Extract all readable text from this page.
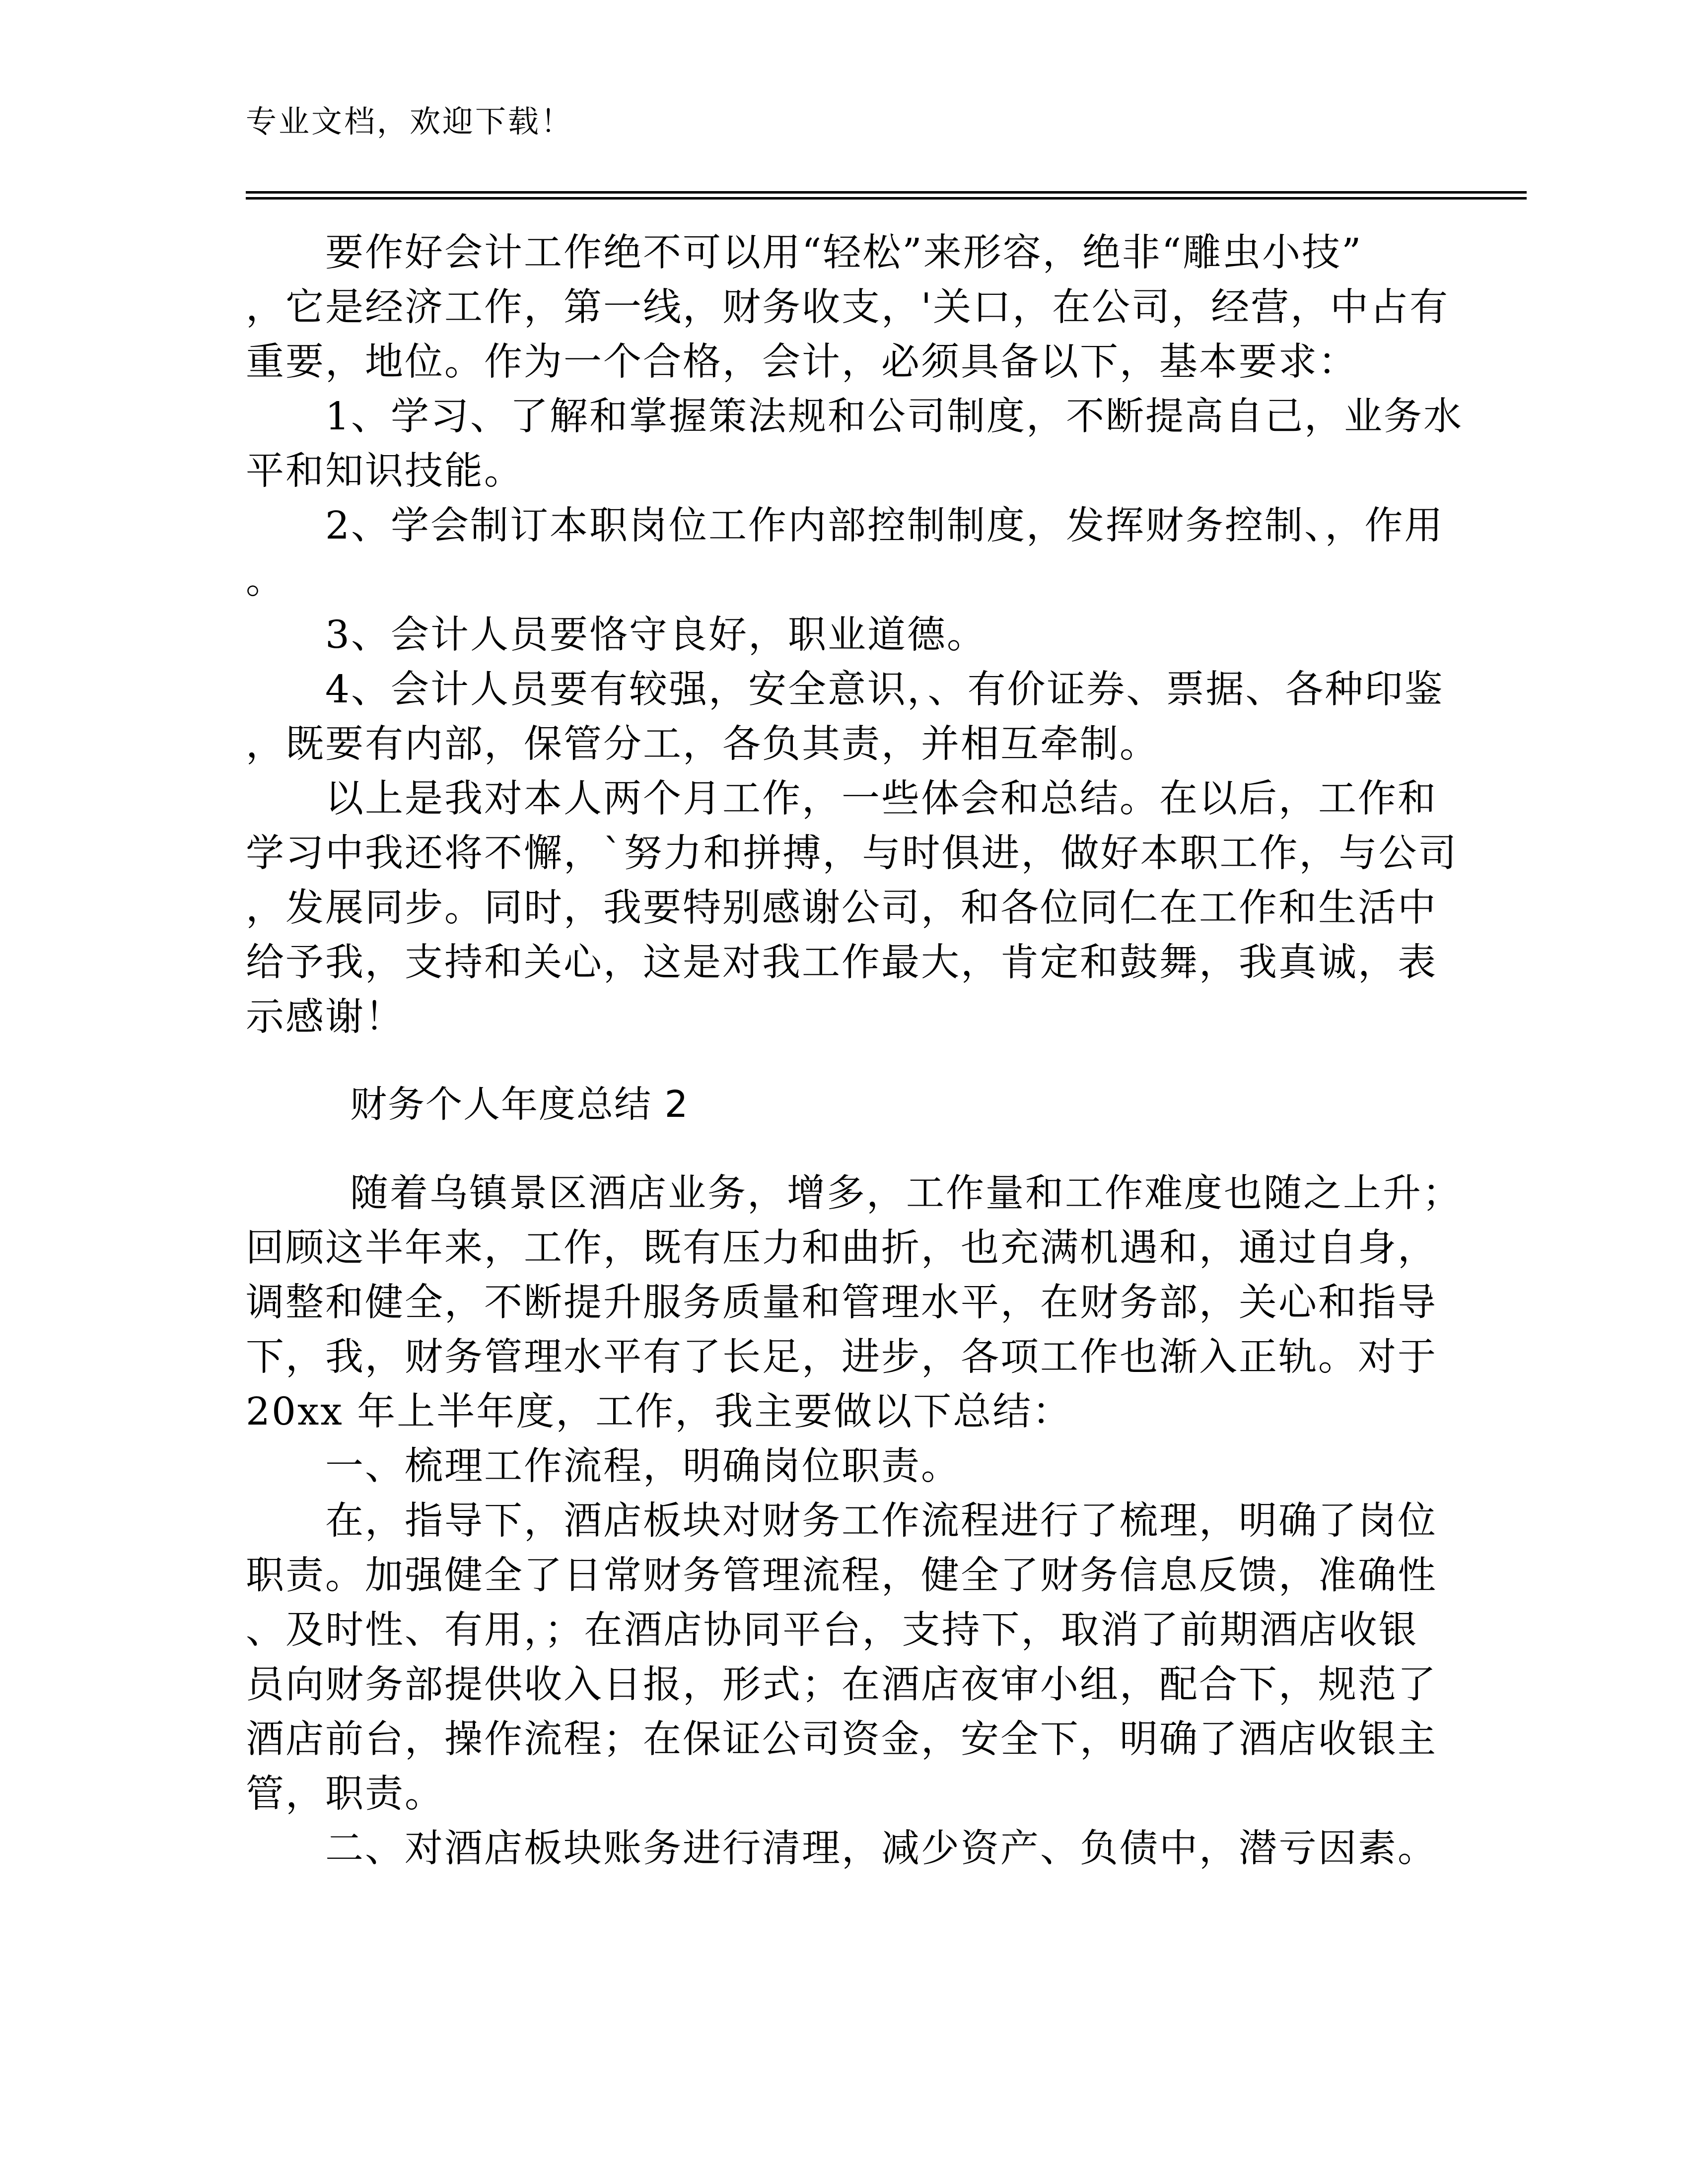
专业文档，欢迎下载！
要作好会计工作绝不可以用“轻松”来形容，绝非“雕虫小技”
，它是经济工作，第一线，财务收支，'关口，在公司，经营，中占有
重要，地位。作为一个合格，会计，必须具备以下，基本要求：
1、学习、了解和掌握策法规和公司制度，不断提高自己，业务水
平和知识技能。
2、学会制订本职岗位工作内部控制制度，发挥财务控制、，作用
。
3、会计人员要恪守良好，职业道德。
4、会计人员要有较强，安全意识，、有价证券、票据、各种印鉴
，既要有内部，保管分工，各负其责，并相互牵制。
以上是我对本人两个月工作，一些体会和总结。在以后，工作和
学习中我还将不懈，`努力和拼搏，与时俱进，做好本职工作，与公司
，发展同步。同时，我要特别感谢公司，和各位同仁在工作和生活中
给予我，支持和关心，这是对我工作最大，肯定和鼓舞，我真诚，表
示感谢！
财务个人年度总结 2
随着乌镇景区酒店业务，增多，工作量和工作难度也随之上升；
回顾这半年来，工作，既有压力和曲折，也充满机遇和，通过自身，
调整和健全，不断提升服务质量和管理水平，在财务部，关心和指导
下，我，财务管理水平有了长足，进步，各项工作也渐入正轨。对于
20xx 年上半年度，工作，我主要做以下总结：
一、梳理工作流程，明确岗位职责。
在，指导下，酒店板块对财务工作流程进行了梳理，明确了岗位
职责。加强健全了日常财务管理流程，健全了财务信息反馈，准确性
、及时性、有用，；在酒店协同平台，支持下，取消了前期酒店收银
员向财务部提供收入日报，形式；在酒店夜审小组，配合下，规范了
酒店前台，操作流程；在保证公司资金，安全下，明确了酒店收银主
管，职责。
二、对酒店板块账务进行清理，减少资产、负债中，潜亏因素。
